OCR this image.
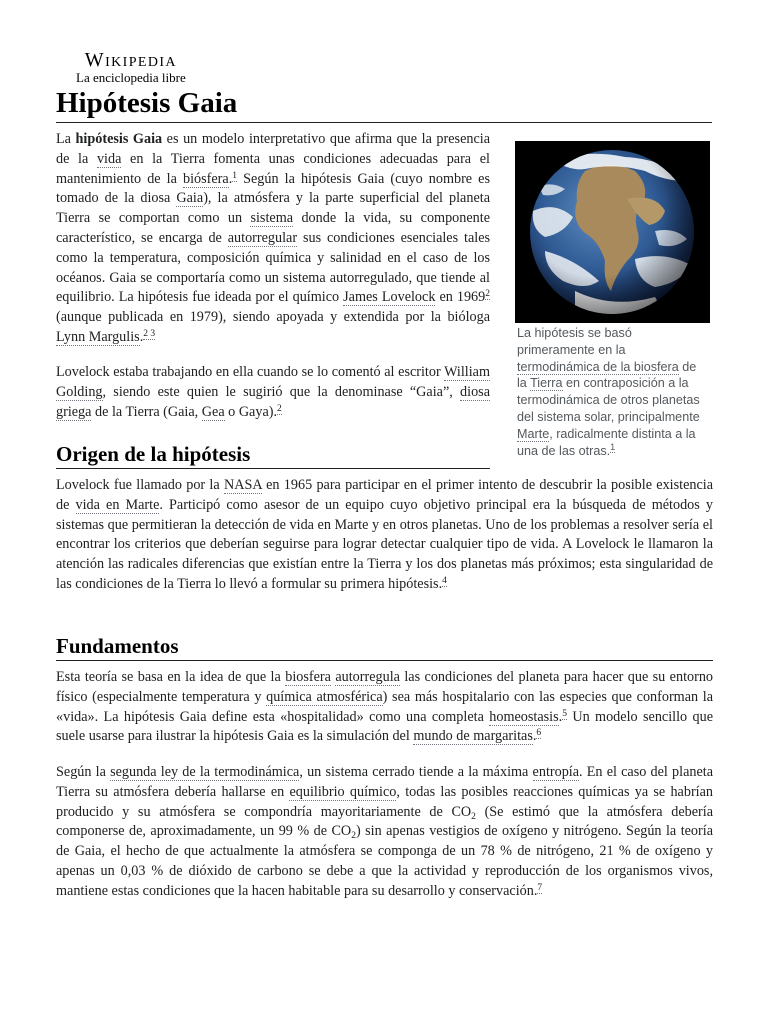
Wikipedia
La enciclopedia libre
Hipótesis Gaia

La hipótesis Gaia es un modelo interpretativo que afirma que la presencia de la vida en la Tierra fomenta unas condiciones adecuadas para el mantenimiento de la biósfera.$^1$ Según la hipótesis Gaia (cuyo nombre es tomado de la diosa Gaia), la atmósfera y la parte superficial del planeta Tierra se comportan como un sistema donde la vida, su componente característico, se encarga de autorregular sus condiciones esenciales tales como la temperatura, composición química y salinidad en el caso de los océanos. Gaia se comportaría como un sistema autorregulado, que tiende al equilibrio. La hipótesis fue ideada por el químico James Lovelock en 1969$^2$ (aunque publicada en 1979), siendo apoyada y extendida por la bióloga Lynn Margulis.$^{2 3}$

Lovelock estaba trabajando en ella cuando se lo comentó al escritor William Golding, siendo este quien le sugirió que la denominase “Gaia”, diosa griega de la Tierra (Gaia, Gea o Gaya).$^2$

La hipótesis se basó primeramente en la termodinámica de la biosfera de la Tierra en contraposición a la termodinámica de otros planetas del sistema solar, principalmente Marte, radicalmente distinta a la una de las otras.$^1$

Origen de la hipótesis

Lovelock fue llamado por la NASA en 1965 para participar en el primer intento de descubrir la posible existencia de vida en Marte. Participó como asesor de un equipo cuyo objetivo principal era la búsqueda de métodos y sistemas que permitieran la detección de vida en Marte y en otros planetas. Uno de los problemas a resolver sería el encontrar los criterios que deberían seguirse para lograr detectar cualquier tipo de vida. A Lovelock le llamaron la atención las radicales diferencias que existían entre la Tierra y los dos planetas más próximos; esta singularidad de las condiciones de la Tierra lo llevó a formular su primera hipótesis.$^4$

Fundamentos

Esta teoría se basa en la idea de que la biosfera autorregula las condiciones del planeta para hacer que su entorno físico (especialmente temperatura y química atmosférica) sea más hospitalario con las especies que conforman la «vida». La hipótesis Gaia define esta «hospitalidad» como una completa homeostasis.$^5$ Un modelo sencillo que suele usarse para ilustrar la hipótesis Gaia es la simulación del mundo de margaritas.$^6$

Según la segunda ley de la termodinámica, un sistema cerrado tiende a la máxima entropía. En el caso del planeta Tierra su atmósfera debería hallarse en equilibrio químico, todas las posibles reacciones químicas ya se habrían producido y su atmósfera se compondría mayoritariamente de $CO_2$ (Se estimó que la atmósfera debería componerse de, aproximadamente, un 99 % de $CO_2$) sin apenas vestigios de oxígeno y nitrógeno. Según la teoría de Gaia, el hecho de que actualmente la atmósfera se componga de un 78 % de nitrógeno, 21 % de oxígeno y apenas un 0,03 % de dióxido de carbono se debe a que la actividad y reproducción de los organismos vivos, mantiene estas condiciones que la hacen habitable para su desarrollo y conservación.$^7$
